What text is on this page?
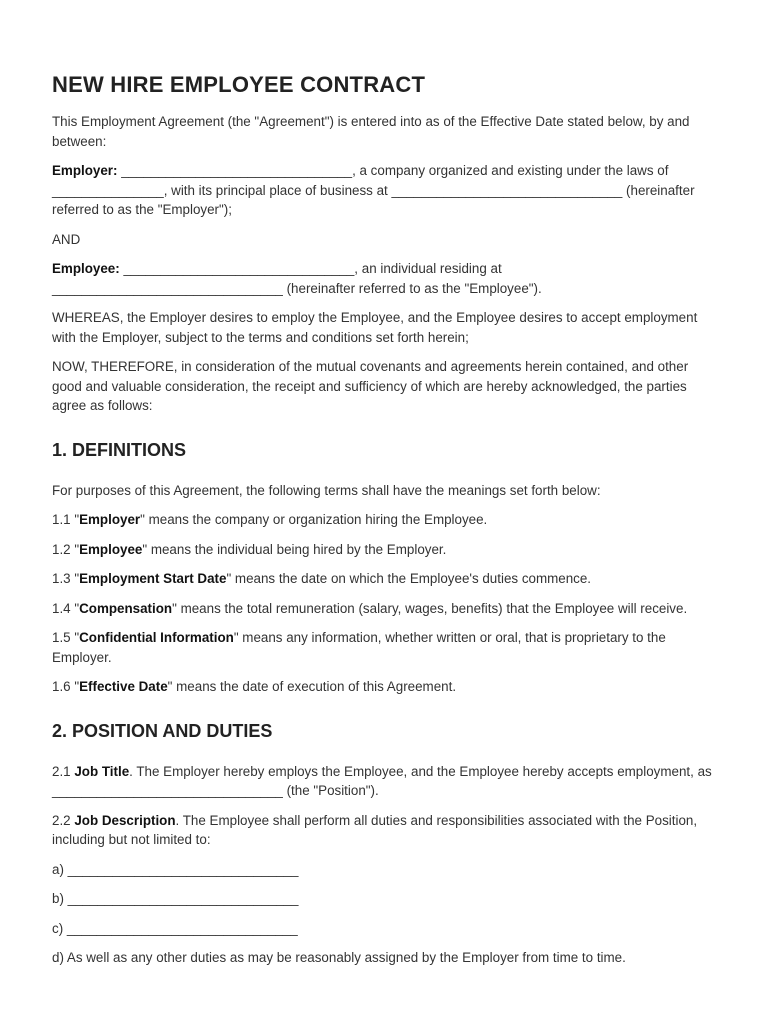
NEW HIRE EMPLOYEE CONTRACT

This Employment Agreement (the "Agreement") is entered into as of the Effective Date stated below, by and between:

Employer: _______________________________, a company organized and existing under the laws of _______________, with its principal place of business at _______________________________ (hereinafter referred to as the "Employer");

AND

Employee: _______________________________, an individual residing at _______________________________ (hereinafter referred to as the "Employee").

WHEREAS, the Employer desires to employ the Employee, and the Employee desires to accept employment with the Employer, subject to the terms and conditions set forth herein;

NOW, THEREFORE, in consideration of the mutual covenants and agreements herein contained, and other good and valuable consideration, the receipt and sufficiency of which are hereby acknowledged, the parties agree as follows:

1. DEFINITIONS

For purposes of this Agreement, the following terms shall have the meanings set forth below:

1.1 "Employer" means the company or organization hiring the Employee.

1.2 "Employee" means the individual being hired by the Employer.

1.3 "Employment Start Date" means the date on which the Employee's duties commence.

1.4 "Compensation" means the total remuneration (salary, wages, benefits) that the Employee will receive.

1.5 "Confidential Information" means any information, whether written or oral, that is proprietary to the Employer.

1.6 "Effective Date" means the date of execution of this Agreement.

2. POSITION AND DUTIES

2.1 Job Title. The Employer hereby employs the Employee, and the Employee hereby accepts employment, as _______________________________ (the "Position").

2.2 Job Description. The Employee shall perform all duties and responsibilities associated with the Position, including but not limited to:

a) _______________________________

b) _______________________________

c) _______________________________

d) As well as any other duties as may be reasonably assigned by the Employer from time to time.
